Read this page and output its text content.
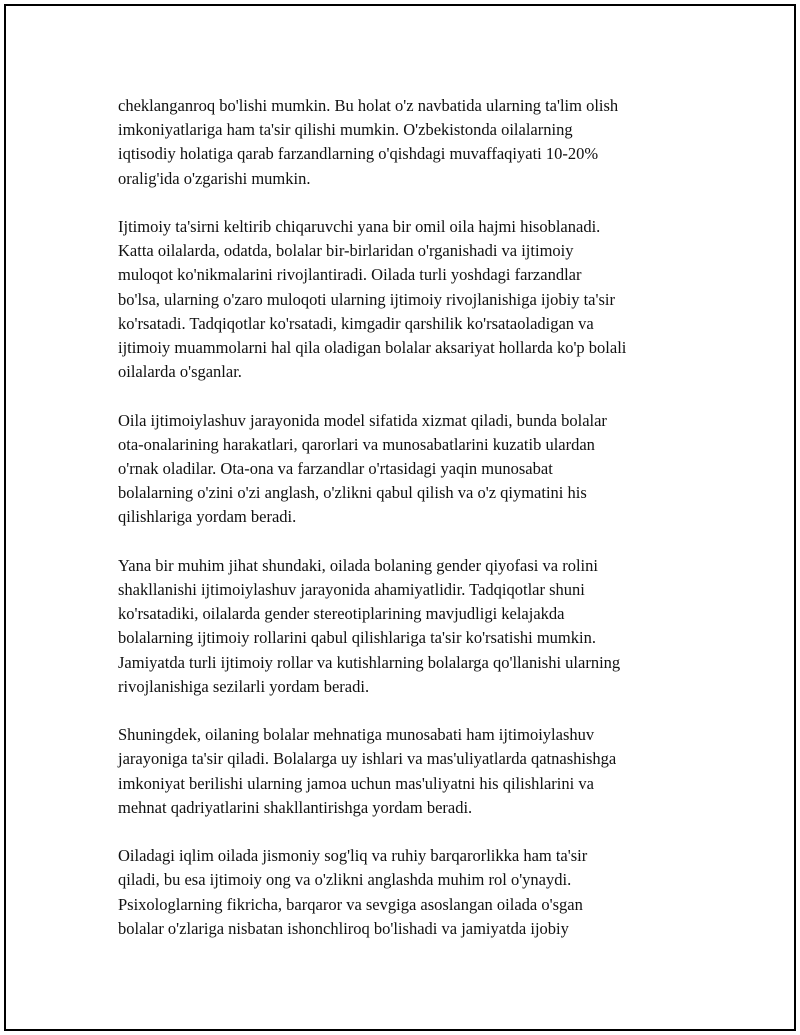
cheklanganroq bo'lishi mumkin. Bu holat o'z navbatida ularning ta'lim olish
imkoniyatlariga ham ta'sir qilishi mumkin. O'zbekistonda oilalarning
iqtisodiy holatiga qarab farzandlarning o'qishdagi muvaffaqiyati 10-20%
oralig'ida o'zgarishi mumkin.

Ijtimoiy ta'sirni keltirib chiqaruvchi yana bir omil oila hajmi hisoblanadi.
Katta oilalarda, odatda, bolalar bir-birlaridan o'rganishadi va ijtimoiy
muloqot ko'nikmalarini rivojlantiradi. Oilada turli yoshdagi farzandlar
bo'lsa, ularning o'zaro muloqoti ularning ijtimoiy rivojlanishiga ijobiy ta'sir
ko'rsatadi. Tadqiqotlar ko'rsatadi, kimgadir qarshilik ko'rsataoladigan va
ijtimoiy muammolarni hal qila oladigan bolalar aksariyat hollarda ko'p bolali
oilalarda o'sganlar.

Oila ijtimoiylashuv jarayonida model sifatida xizmat qiladi, bunda bolalar
ota-onalarining harakatlari, qarorlari va munosabatlarini kuzatib ulardan
o'rnak oladilar. Ota-ona va farzandlar o'rtasidagi yaqin munosabat
bolalarning o'zini o'zi anglash, o'zlikni qabul qilish va o'z qiymatini his
qilishlariga yordam beradi.

Yana bir muhim jihat shundaki, oilada bolaning gender qiyofasi va rolini
shakllanishi ijtimoiylashuv jarayonida ahamiyatlidir. Tadqiqotlar shuni
ko'rsatadiki, oilalarda gender stereotiplarining mavjudligi kelajakda
bolalarning ijtimoiy rollarini qabul qilishlariga ta'sir ko'rsatishi mumkin.
Jamiyatda turli ijtimoiy rollar va kutishlarning bolalarga qo'llanishi ularning
rivojlanishiga sezilarli yordam beradi.

Shuningdek, oilaning bolalar mehnatiga munosabati ham ijtimoiylashuv
jarayoniga ta'sir qiladi. Bolalarga uy ishlari va mas'uliyatlarda qatnashishga
imkoniyat berilishi ularning jamoa uchun mas'uliyatni his qilishlarini va
mehnat qadriyatlarini shakllantirishga yordam beradi.

Oiladagi iqlim oilada jismoniy sog'liq va ruhiy barqarorlikka ham ta'sir
qiladi, bu esa ijtimoiy ong va o'zlikni anglashda muhim rol o'ynaydi.
Psixologlarning fikricha, barqaror va sevgiga asoslangan oilada o'sgan
bolalar o'zlariga nisbatan ishonchliroq bo'lishadi va jamiyatda ijobiy
